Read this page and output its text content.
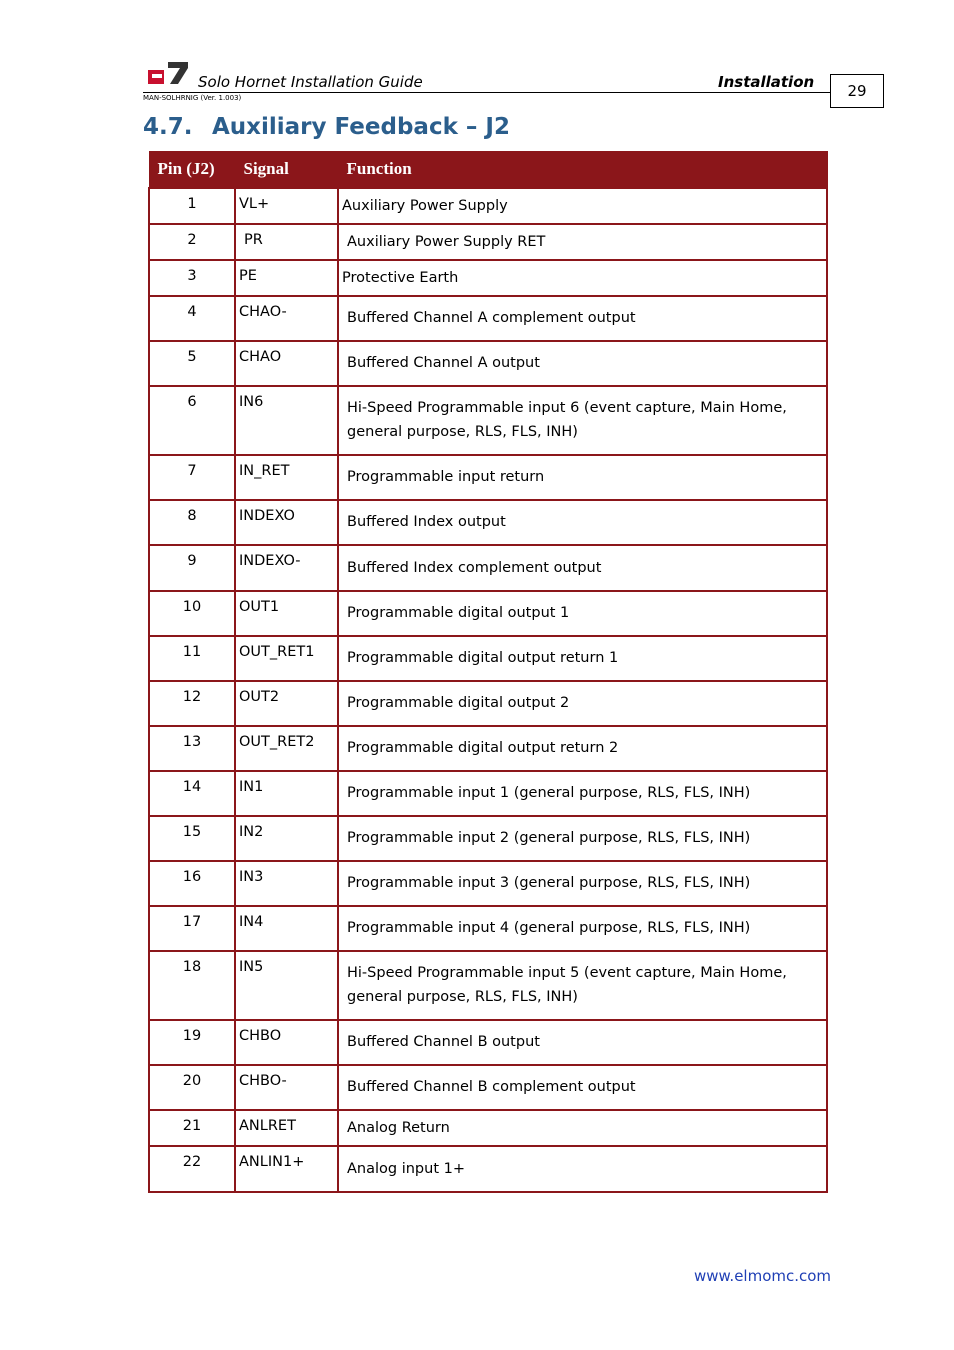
Solo Hornet Installation Guide	Installation
MAN-SOLHRNIG (Ver. 1.003)	29
4.7. Auxiliary Feedback – J2
Pin (J2)	Signal	Function
1	VL+	Auxiliary Power Supply
2	PR	Auxiliary Power Supply RET
3	PE	Protective Earth
4	CHAO-	Buffered Channel A complement output
5	CHAO	Buffered Channel A output
6	IN6	Hi-Speed Programmable input 6 (event capture, Main Home, general purpose, RLS, FLS, INH)
7	IN_RET	Programmable input return
8	INDEXO	Buffered Index output
9	INDEXO-	Buffered Index complement output
10	OUT1	Programmable digital output 1
11	OUT_RET1	Programmable digital output return 1
12	OUT2	Programmable digital output 2
13	OUT_RET2	Programmable digital output return 2
14	IN1	Programmable input 1 (general purpose, RLS, FLS, INH)
15	IN2	Programmable input 2 (general purpose, RLS, FLS, INH)
16	IN3	Programmable input 3 (general purpose, RLS, FLS, INH)
17	IN4	Programmable input 4 (general purpose, RLS, FLS, INH)
18	IN5	Hi-Speed Programmable input 5 (event capture, Main Home, general purpose, RLS, FLS, INH)
19	CHBO	Buffered Channel B output
20	CHBO-	Buffered Channel B complement output
21	ANLRET	Analog Return
22	ANLIN1+	Analog input 1+
www.elmomc.com
